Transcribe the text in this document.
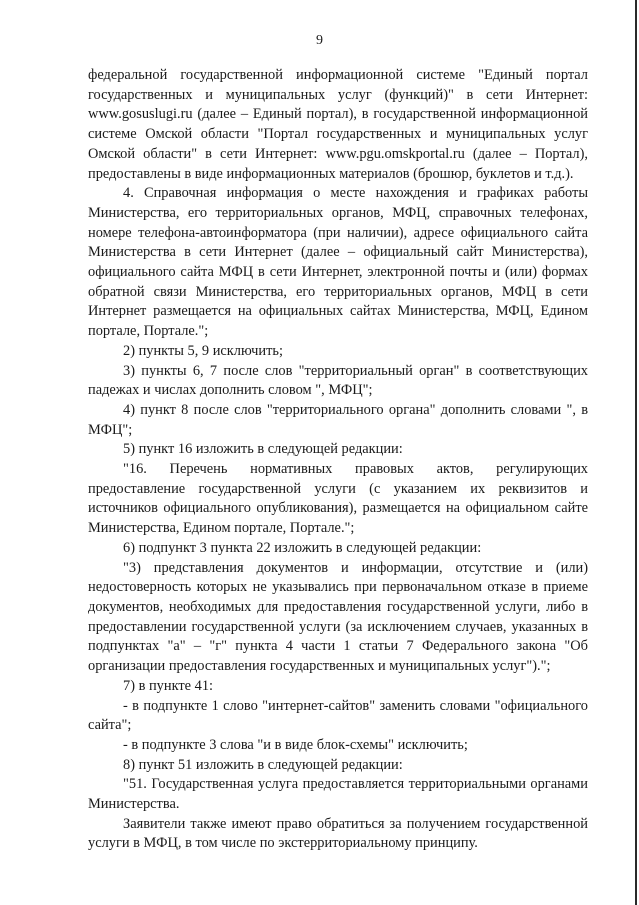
9

федеральной государственной информационной системе "Единый портал государственных и муниципальных услуг (функций)" в сети Интернет: www.gosuslugi.ru (далее – Единый портал), в государственной информационной системе Омской области "Портал государственных и муниципальных услуг Омской области" в сети Интернет: www.pgu.omskportal.ru (далее – Портал), предоставлены в виде информационных материалов (брошюр, буклетов и т.д.).

4. Справочная информация о месте нахождения и графиках работы Министерства, его территориальных органов, МФЦ, справочных телефонах, номере телефона-автоинформатора (при наличии), адресе официального сайта Министерства в сети Интернет (далее – официальный сайт Министерства), официального сайта МФЦ в сети Интернет, электронной почты и (или) формах обратной связи Министерства, его территориальных органов, МФЦ в сети Интернет размещается на официальных сайтах Министерства, МФЦ, Едином портале, Портале.";

2) пункты 5, 9 исключить;

3) пункты 6, 7 после слов "территориальный орган" в соответствующих падежах и числах дополнить словом ", МФЦ";

4) пункт 8 после слов "территориального органа" дополнить словами ", в МФЦ";

5) пункт 16 изложить в следующей редакции:

"16. Перечень нормативных правовых актов, регулирующих предоставление государственной услуги (с указанием их реквизитов и источников официального опубликования), размещается на официальном сайте Министерства, Едином портале, Портале.";

6) подпункт 3 пункта 22 изложить в следующей редакции:

"3) представления документов и информации, отсутствие и (или) недостоверность которых не указывались при первоначальном отказе в приеме документов, необходимых для предоставления государственной услуги, либо в предоставлении государственной услуги (за исключением случаев, указанных в подпунктах "а" – "г" пункта 4 части 1 статьи 7 Федерального закона "Об организации предоставления государственных и муниципальных услуг").";

7) в пункте 41:

- в подпункте 1 слово "интернет-сайтов" заменить словами "официального сайта";

- в подпункте 3 слова "и в виде блок-схемы" исключить;

8) пункт 51 изложить в следующей редакции:

"51. Государственная услуга предоставляется территориальными органами Министерства.

Заявители также имеют право обратиться за получением государственной услуги в МФЦ, в том числе по экстерриториальному принципу.
